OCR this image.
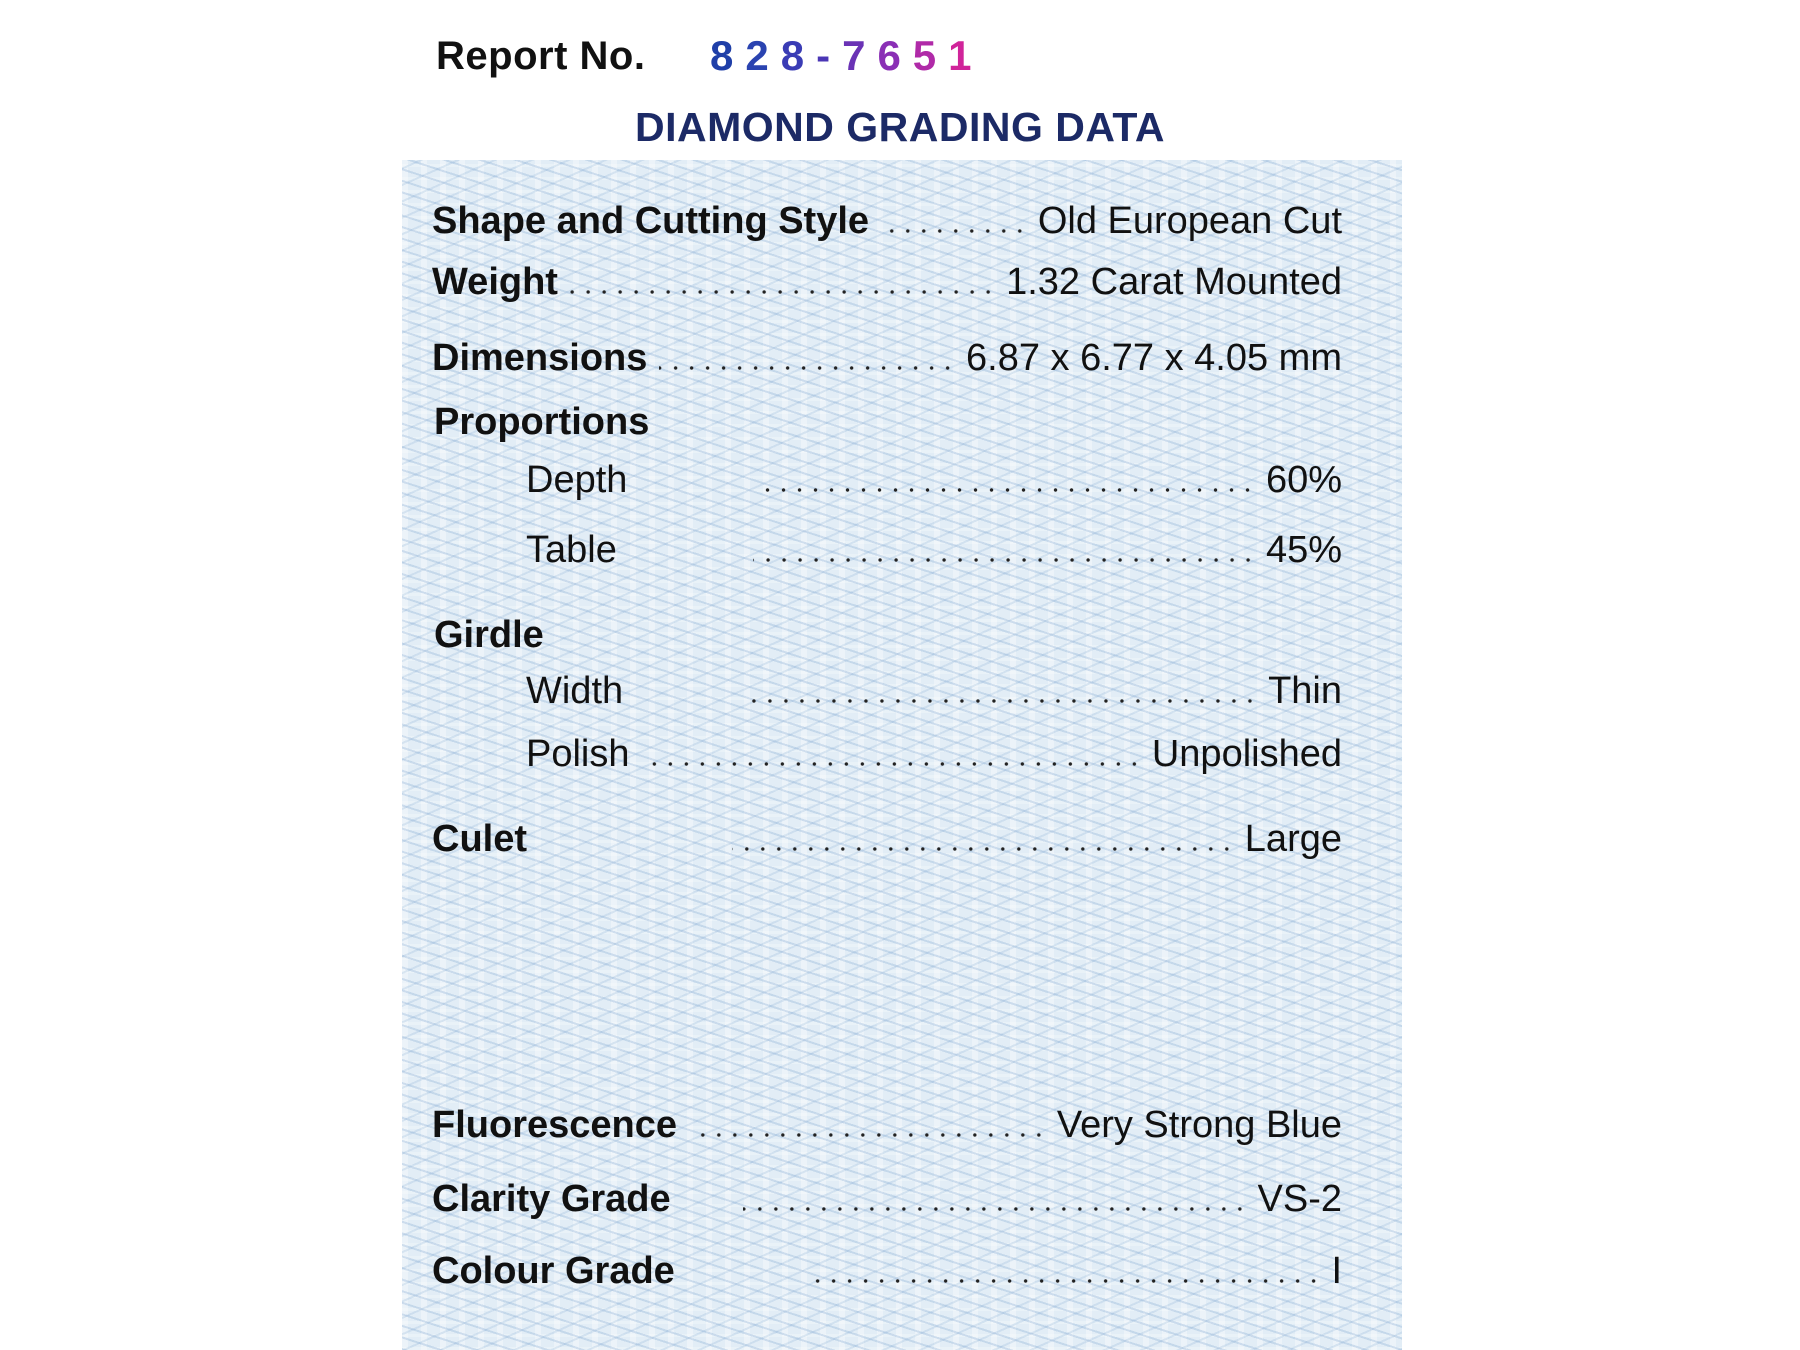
Report No. 8 2 8 - 7 6 5 1
DIAMOND GRADING DATA
Shape and Cutting Style	Old European Cut
Weight	1.32 Carat Mounted
Dimensions	6.87 x 6.77 x 4.05 mm
Proportions
Depth	60%
Table	45%
Girdle
Width	Thin
Polish	Unpolished
Culet	Large
Fluorescence	Very Strong Blue
Clarity Grade	VS-2
Colour Grade	I
